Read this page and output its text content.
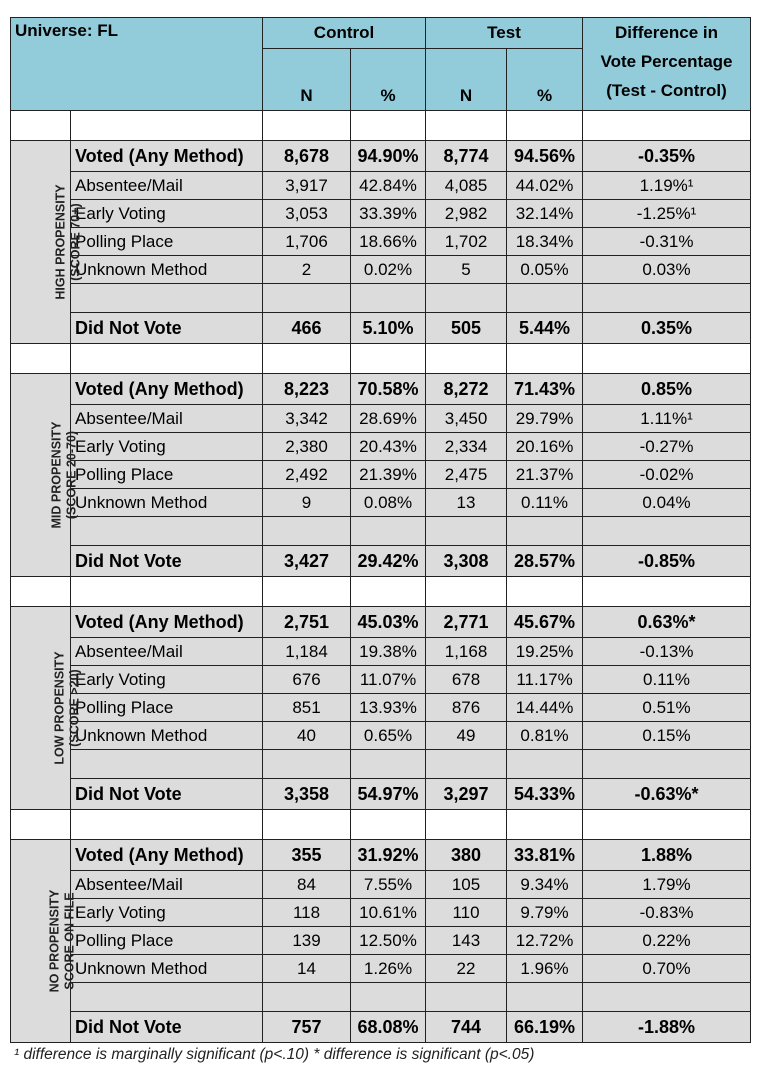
Universe: FL		Control		Test		Difference in
Vote Percentage
(Test - Control)

		N	%	N	%	

HIGH PROPENSITY (SCORE 70+)	Voted (Any Method)	8,678	94.90%	8,774	94.56%	-0.35%
	Absentee/Mail	3,917	42.84%	4,085	44.02%	1.19%¹
	Early Voting	3,053	33.39%	2,982	32.14%	-1.25%¹
	Polling Place	1,706	18.66%	1,702	18.34%	-0.31%
	Unknown Method	2	0.02%	5	0.05%	0.03%

	Did Not Vote	466	5.10%	505	5.44%	0.35%

MID PROPENSITY (SCORE 20-70)	Voted (Any Method)	8,223	70.58%	8,272	71.43%	0.85%
	Absentee/Mail	3,342	28.69%	3,450	29.79%	1.11%¹
	Early Voting	2,380	20.43%	2,334	20.16%	-0.27%
	Polling Place	2,492	21.39%	2,475	21.37%	-0.02%
	Unknown Method	9	0.08%	13	0.11%	0.04%

	Did Not Vote	3,427	29.42%	3,308	28.57%	-0.85%

LOW PROPENSITY (SCORE >20)	Voted (Any Method)	2,751	45.03%	2,771	45.67%	0.63%*
	Absentee/Mail	1,184	19.38%	1,168	19.25%	-0.13%
	Early Voting	676	11.07%	678	11.17%	0.11%
	Polling Place	851	13.93%	876	14.44%	0.51%
	Unknown Method	40	0.65%	49	0.81%	0.15%

	Did Not Vote	3,358	54.97%	3,297	54.33%	-0.63%*

NO PROPENSITY SCORE ON FILE	Voted (Any Method)	355	31.92%	380	33.81%	1.88%
	Absentee/Mail	84	7.55%	105	9.34%	1.79%
	Early Voting	118	10.61%	110	9.79%	-0.83%
	Polling Place	139	12.50%	143	12.72%	0.22%
	Unknown Method	14	1.26%	22	1.96%	0.70%

	Did Not Vote	757	68.08%	744	66.19%	-1.88%
¹ difference is marginally significant (p<.10) * difference is significant (p<.05)
